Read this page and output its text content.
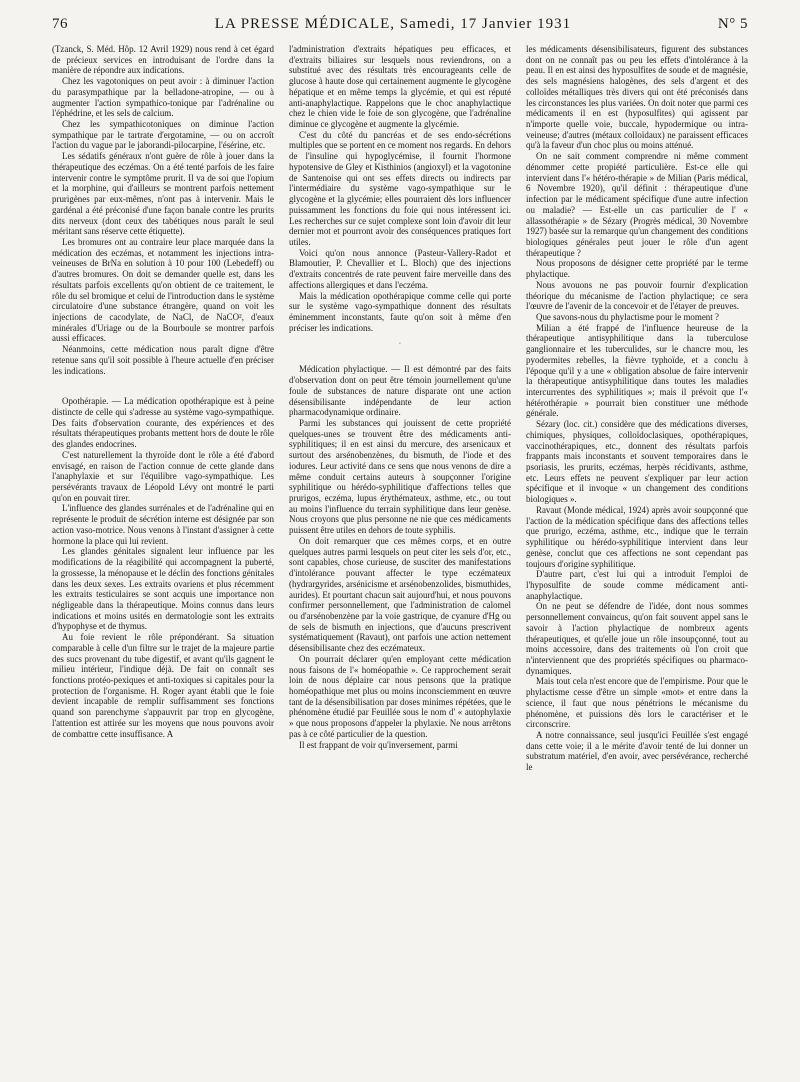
76	LA PRESSE MÉDICALE, Samedi, 17 Janvier 1931	N° 5

(Tzanck, S. Méd. Hôp. 12 Avril 1929) nous rend à cet égard de précieux services en introduisant de l'ordre dans la manière de répondre aux indications.

Chez les vagotoniques on peut avoir : à diminuer l'action du parasympathique par la belladone-atropine, — ou à augmenter l'action sympathico-tonique par l'adrénaline ou l'éphédrine, et les sels de calcium.

Chez les sympathicotoniques on diminue l'action sympathique par le tartrate d'ergotamine, — ou on accroît l'action du vague par le jaborandi-pilocarpine, l'ésérine, etc.

Les sédatifs généraux n'ont guère de rôle à jouer dans la thérapeutique des eczémas. On a été tenté parfois de les faire intervenir contre le symptôme prurit. Il va de soi que l'opium et la morphine, qui d'ailleurs se montrent parfois nettement prurigènes par eux-mêmes, n'ont pas à intervenir. Mais le gardénal a été préconisé d'une façon banale contre les prurits dits nerveux (dont ceux des tabétiques nous paraît le seul méritant sans réserve cette étiquette).

Les bromures ont au contraire leur place marquée dans la médication des eczémas, et notamment les injections intra-veineuses de BrNa en solution à 10 pour 100 (Lebedeff) ou d'autres bromures. On doit se demander quelle est, dans les résultats parfois excellents qu'on obtient de ce traitement, le rôle du sel bromique et celui de l'introduction dans le système circulatoire d'une substance étrangère, quand on voit les injections de cacodylate, de NaCl, de NaCO², d'eaux minérales d'Uriage ou de la Bourboule se montrer parfois aussi efficaces.

Néanmoins, cette médication nous paraît digne d'être retenue sans qu'il soit possible à l'heure actuelle d'en préciser les indications.

Opothérapie. — La médication opothérapique est à peine distincte de celle qui s'adresse au système vago-sympathique. Des faits d'observation courante, des expériences et des résultats thérapeutiques probants mettent hors de doute le rôle des glandes endocrines.

C'est naturellement la thyroïde dont le rôle a été d'abord envisagé, en raison de l'action connue de cette glande dans l'anaphylaxie et sur l'équilibre vago-sympathique. Les persévérants travaux de Léopold Lévy ont montré le parti qu'on en pouvait tirer.

L'influence des glandes surrénales et de l'adrénaline qui en représente le produit de sécrétion interne est désignée par son action vaso-motrice. Nous venons à l'instant d'assigner à cette hormone la place qui lui revient.

Les glandes génitales signalent leur influence par les modifications de la réagibilité qui accompagnent la puberté, la grossesse, la ménopause et le déclin des fonctions génitales dans les deux sexes. Les extraits ovariens et plus récemment les extraits testiculaires se sont acquis une importance non négligeable dans la thérapeutique. Moins connus dans leurs indications et moins usités en dermatologie sont les extraits d'hypophyse et de thymus.

Au foie revient le rôle prépondérant. Sa situation comparable à celle d'un filtre sur le trajet de la majeure partie des sucs provenant du tube digestif, et avant qu'ils gagnent le milieu intérieur, l'indique déjà. De fait on connaît ses fonctions protéo-pexiques et anti-toxiques si capitales pour la protection de l'organisme. H. Roger ayant établi que le foie devient incapable de remplir suffisamment ses fonctions quand son parenchyme s'appauvrit par trop en glycogène, l'attention est attirée sur les moyens que nous pouvons avoir de combattre cette insuffisance. A

l'administration d'extraits hépatiques peu efficaces, et d'extraits biliaires sur lesquels nous reviendrons, on a substitué avec des résultats très encourageants celle de glucose à haute dose qui certainement augmente le glycogène hépatique et en même temps la glycémie, et qui est réputé anti-anaphylactique. Rappelons que le choc anaphylactique chez le chien vide le foie de son glycogène, que l'adrénaline diminue ce glycogène et augmente la glycémie.

C'est du côté du pancréas et de ses endo-sécrétions multiples que se portent en ce moment nos regards. En dehors de l'insuline qui hypoglycémise, il fournit l'hormone hypotensive de Gley et Kisthinios (angioxyl) et la vagotonine de Santenoise qui ont ses effets directs ou indirects par l'intermédiaire du système vago-sympathique sur le glycogène et la glycémie; elles pourraient dès lors influencer puissamment les fonctions du foie qui nous intéressent ici. Les recherches sur ce sujet complexe sont loin d'avoir dit leur dernier mot et pourront avoir des conséquences pratiques fort utiles.

Voici qu'on nous annonce (Pasteur-Vallery-Radot et Blamoutier, P. Chevallier et L. Bloch) que des injections d'extraits concentrés de rate peuvent faire merveille dans des affections allergiques et dans l'eczéma.

Mais la médication opothérapique comme celle qui porte sur le système vago-sympathique donnent des résultats éminemment inconstants, faute qu'on soit à même d'en préciser les indications.

ˌ

Médication phylactique. — Il est démontré par des faits d'observation dont on peut être témoin journellement qu'une foule de substances de nature disparate ont une action désensibilisante indépendante de leur action pharmacodynamique ordinaire.

Parmi les substances qui jouissent de cette propriété quelques-unes se trouvent être des médicaments anti-syphilitiques; il en est ainsi du mercure, des arsenicaux et surtout des arsénobenzènes, du bismuth, de l'iode et des iodures. Leur activité dans ce sens que nous venons de dire a même conduit certains auteurs à soupçonner l'origine syphilitique ou hérédo-syphilitique d'affections telles que prurigos, eczéma, lupus érythémateux, asthme, etc., ou tout au moins l'influence du terrain syphilitique dans leur genèse. Nous croyons que plus personne ne nie que ces médicaments puissent être utiles en dehors de toute syphilis.

On doit remarquer que ces mêmes corps, et en outre quelques autres parmi lesquels on peut citer les sels d'or, etc., sont capables, chose curieuse, de susciter des manifestations d'intolérance pouvant affecter le type eczémateux (hydrargyrides, arsénicisme et arsénobenzolides, bismuthides, aurides). Et pourtant chacun sait aujourd'hui, et nous pouvons confirmer personnellement, que l'administration de calomel ou d'arsénobenzène par la voie gastrique, de cyanure d'Hg ou de sels de bismuth en injections, que d'aucuns prescrivent systématiquement (Ravaut), ont parfois une action nettement désensibilisante chez des eczémateux.

On pourrait déclarer qu'en employant cette médication nous faisons de l'« homéopathie ». Ce rapprochement serait loin de nous déplaire car nous pensons que la pratique homéopathique met plus ou moins inconsciemment en œuvre tant de la désensibilisation par doses minimes répétées, que le phénomène étudié par Feuillée sous le nom d' « autophylaxie » que nous proposons d'appeler la phylaxie. Ne nous arrêtons pas à ce côté particulier de la question.

Il est frappant de voir qu'inversement, parmi

les médicaments désensibilisateurs, figurent des substances dont on ne connaît pas ou peu les effets d'intolérance à la peau. Il en est ainsi des hyposulfites de soude et de magnésie, des sels magnésiens halogènes, des sels d'argent et des colloïdes métalliques très divers qui ont été préconisés dans les circonstances les plus variées. On doit noter que parmi ces médicaments il en est (hyposulfites) qui agissent par n'importe quelle voie, buccale, hypodermique ou intra-veineuse; d'autres (métaux colloïdaux) ne paraissent efficaces qu'à la faveur d'un choc plus ou moins atténué.

On ne sait comment comprendre ni même comment dénommer cette propiété particulière. Est-ce elle qui intervient dans l'« hétéro-thérapie » de Milian (Paris médical, 6 Novembre 1920), qu'il définit : thérapeutique d'une infection par le médicament spécifique d'une autre infection ou maladie? — Est-elle un cas particulier de l' « allassothérapie » de Sézary (Progrès médical, 30 Novembre 1927) basée sur la remarque qu'un changement des conditions biologiques générales peut jouer le rôle d'un agent thérapeutique ?

Nous proposons de désigner cette propriété par le terme phylactique.

Nous avouons ne pas pouvoir fournir d'explication théorique du mécanisme de l'action phylactique; ce sera l'œuvre de l'avenir de la concevoir et de l'étayer de preuves.

Que savons-nous du phylactisme pour le moment ?

Milian a été frappé de l'influence heureuse de la thérapeutique antisyphilitique dans la tuberculose ganglionnaire et les tuberculides, sur le chancre mou, les pyodermites rebelles, la fièvre typhoïde, et a conclu à l'époque qu'il y a une « obligation absolue de faire intervenir la thérapeutique antisyphilitique dans toutes les maladies intercurrentes des syphilitiques »; mais il prévoit que l'« hétérothérapie » pourrait bien constituer une méthode générale.

Sézary (loc. cit.) considère que des médications diverses, chimiques, physiques, colloïdoclasiques, opothérapiques, vaccinothérapiques, etc., donnent des résultats parfois frappants mais inconstants et souvent temporaires dans le psoriasis, les prurits, eczémas, herpès récidivants, asthme, etc. Leurs effets ne peuvent s'expliquer par leur action spécifique et il invoque « un changement des conditions biologiques ».

Ravaut (Monde médical, 1924) après avoir soupçonné que l'action de la médication spécifique dans des affections telles que prurigo, eczéma, asthme, etc., indique que le terrain syphilitique ou hérédo-syphilitique intervient dans leur genèse, conclut que ces affections ne sont cependant pas toujours d'origine syphilitique.

D'autre part, c'est lui qui a introduit l'emploi de l'hyposulfite de soude comme médicament anti-anaphylactique.

On ne peut se défendre de l'idée, dont nous sommes personnellement convaincus, qu'on fait souvent appel sans le savoir à l'action phylactique de nombreux agents thérapeutiques, et qu'elle joue un rôle insoupçonné, tout au moins accessoire, dans des traitements où l'on croit que n'interviennent que des propriétés spécifiques ou pharmaco-dynamiques.

Mais tout cela n'est encore que de l'empirisme. Pour que le phylactisme cesse d'être un simple «mot» et entre dans la science, il faut que nous pénétrions le mécanisme du phénomène, et puissions dès lors le caractériser et le circonscrire.

A notre connaissance, seul jusqu'ici Feuillée s'est engagé dans cette voie; il a le mérite d'avoir tenté de lui donner un substratum matériel, d'en avoir, avec persévérance, recherché le
